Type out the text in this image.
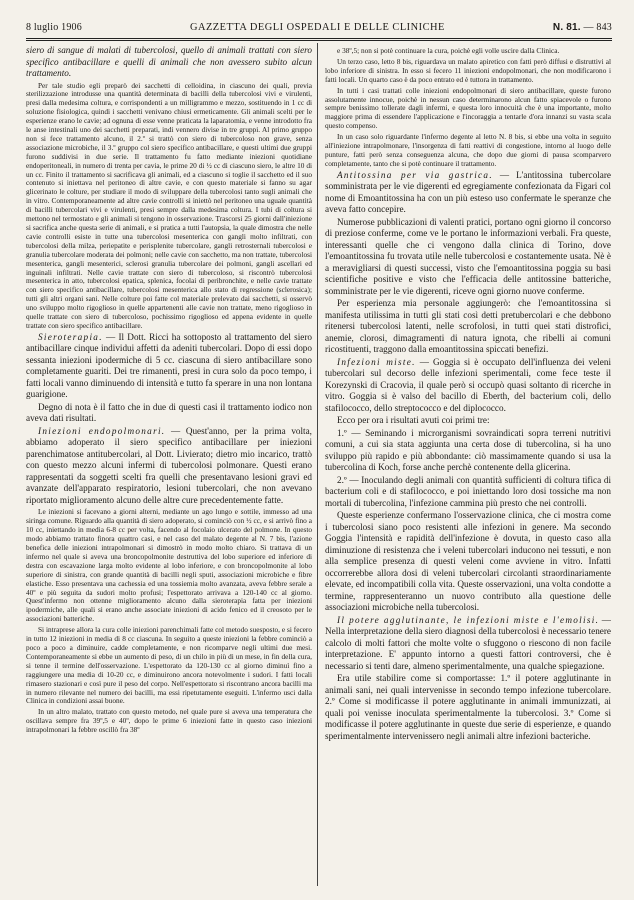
8 luglio 1906	GAZZETTA DEGLI OSPEDALI E DELLE CLINICHE	N. 81. — 843

siero di sangue di malati di tubercolosi, quello di animali trattati con siero specifico antibacillare e quelli di animali che non avessero subito alcun trattamento.

Per tale studio egli preparò dei sacchetti di celloidina, in ciascuno dei quali, previa sterilizzazione introdusse una quantità determinata di bacilli della tubercolosi vivi e virulenti, presi dalla medesima coltura, e corrispondenti a un milligrammo e mezzo, sostituendo in 1 cc di soluzione fisiologica, quindi i sacchetti venivano chiusi ermeticamente. Gli animali scelti per le esperienze erano le cavie; ad ognuna di esse venne praticata la laparatomia, e venne introdotto fra le anse intestinali uno dei sacchetti preparati, indi vennero divise in tre gruppi. Al primo gruppo non si fece trattamento alcuno, il 2.º si trattò con siero di tubercoloso non grave, senza associazione microbiche, il 3.º gruppo col siero specifico antibacillare, e questi ultimi due gruppi furono suddivisi in due serie. Il trattamento fu fatto mediante iniezioni quotidiane endoperitoneali, in numero di trenta per cavia, le prime 20 di ½ cc di ciascuno siero, le altre 10 di un cc. Finito il trattamento si sacrificava gli animali, ed a ciascuno si toglie il sacchetto ed il suo contenuto si iniettava nel peritoneo di altre cavie, e con questo materiale si fanno su agar glicerinato le colture, per studiare il modo di sviluppare della tubercolosi tanto sugli animali che in vitro. Contemporaneamente ad altre cavie controlli si iniettò nel peritoneo una uguale quantità di bacilli tubercolari vivi e virulenti, presi sempre dalla medesima coltura. I tubi di coltura si mettono nel termostato e gli animali si tengono in osservazione. Trascorsi 25 giorni dall'iniezione si sacrifica anche questa serie di animali, e si pratica a tutti l'autopsia, la quale dimostra che nelle cavie controlli esiste in tutte una tubercolosi mesenterica con gangli molto infiltrati, con tubercolosi della milza, periepatite e perisplenite tubercolare, gangli retrosternali tubercolosi e granulia tubercolare moderata dei polmoni; nelle cavie con sacchetto, ma non trattate, tubercolosi mesenterica, gangli mesenterici, sclerosi granulia tubercolare dei polmoni, gangli ascellari ed inguinali infiltrati. Nelle cavie trattate con siero di tubercoloso, si riscontrò tubercolosi mesenterica in atto, tubercolosi epatica, splenica, focolai di peribronchite, e nelle cavie trattate con siero specifico antibacillare, tubercolosi mesenterica allo stato di regressione (sclerosica); tutti gli altri organi sani. Nelle colture poi fatte col materiale prelevato dai sacchetti, si osservò uno sviluppo molto rigoglioso in quelle appartenenti alle cavie non trattate, meno rigoglioso in quelle trattate con siero di tubercoloso, pochissimo rigoglioso ed appena evidente in quelle trattate con siero specifico antibacillare.

Sieroterapia. — Il Dott. Ricci ha sottoposto al trattamento del siero antibacillare cinque individui affetti da adeniti tubercolari. Dopo di essi dopo sessanta iniezioni ipodermiche di 5 cc. ciascuna di siero antibacillare sono completamente guariti. Dei tre rimanenti, presi in cura solo da poco tempo, i fatti locali vanno diminuendo di intensità e tutto fa sperare in una non lontana guarigione.

Degno di nota è il fatto che in due di questi casi il trattamento iodico non aveva dati risultati.

Iniezioni endopolmonari. — Quest'anno, per la prima volta, abbiamo adoperato il siero specifico antibacillare per iniezioni parenchimatose antitubercolari, al Dott. Livierato; dietro mio incarico, trattò con questo mezzo alcuni infermi di tubercolosi polmonare. Questi erano rappresentati da soggetti scelti fra quelli che presentavano lesioni gravi ed avanzate dell'apparato respiratorio, lesioni tubercolari, che non avevano riportato miglioramento alcuno delle altre cure precedentemente fatte.

Le iniezioni si facevano a giorni alterni, mediante un ago lungo e sottile, immesso ad una siringa comune. Riguardo alla quantità di siero adoperato, si cominciò con ½ cc, e si arrivò fino a 10 cc, iniettando in media 6-8 cc per volta, facendo al focolaio ulcerato del polmone. In questo modo abbiamo trattato finora quattro casi, e nel caso del malato degente al N. 7 bis, l'azione benefica delle iniezioni intrapolmonari si dimostrò in modo molto chiaro. Si trattava di un infermo nel quale si aveva una broncopolmonite destruttiva del lobo superiore ed inferiore di destra con escavazione larga molto evidente al lobo inferiore, e con broncopolmonite al lobo superiore di sinistra, con grande quantità di bacilli negli sputi, associazioni microbiche e fibre elastiche. Esso presentava una cachessia ed una tossiemia molto avanzata, aveva febbre serale a 40º e più seguita da sudori molto profusi; l'espettorato arrivava a 120-140 cc al giorno. Quest'infermo non ottenne miglioramento alcuno dalla sieroterapia fatta per iniezioni ipodermiche, alle quali si erano anche associate iniezioni di acido fenico ed il creosoto per le associazioni batteriche.

Si intraprese allora la cura colle iniezioni parenchimali fatte col metodo suesposto, e si fecero in tutto 12 iniezioni in media di 8 cc ciascuna. In seguito a queste iniezioni la febbre cominciò a poco a poco a diminuire, cadde completamente, e non ricomparve negli ultimi due mesi. Contemporaneamente si ebbe un aumento di peso, di un chilo in più di un mese, in fin della cura, si tenne il termine dell'osservazione. L'espettorato da 120-130 cc al giorno diminuì fino a raggiungere una media di 10-20 cc, e diminuirono ancora notevolmente i sudori. I fatti locali rimasero stazionari e così pure il peso del corpo. Nell'espettorato si riscontrano ancora bacilli ma in numero rilevante nel numero dei bacilli, ma essi ripetutamente eseguiti. L'infermo usci dalla Clinica in condizioni assai buone.

In un altro malato, trattato con questo metodo, nel quale pure si aveva una temperatura che oscillava sempre fra 39º,5 e 40º, dopo le prime 6 iniezioni fatte in questo caso iniezioni intrapolmonari la febbre oscillò fra 38º

e 38º,5; non si potè continuare la cura, poichè egli volle uscire dalla Clinica.

Un terzo caso, letto 8 bis, riguardava un malato apiretico con fatti però diffusi e distruttivi al lobo inferiore di sinistra. In esso si fecero 11 iniezioni endopolmonari, che non modificarono i fatti locali. Un quarto caso è da poco entrato ed è tuttora in trattamento.

In tutti i casi trattati colle iniezioni endopolmonari di siero antibacillare, queste furono assolutamente innocue, poichè in nessun caso determinarono alcun fatto spiacevole o furono sempre benissimo tollerate dagli infermi, e questa loro innocuità che è una importante, molto maggiore prima di essendere l'applicazione e l'incoraggia a tentarle d'ora innanzi su vasta scala questo compenso.

In un caso solo riguardante l'infermo degente al letto N. 8 bis, si ebbe una volta in seguito all'iniezione intrapolmonare, l'insorgenza di fatti reattivi di congestione, intorno al luogo delle punture, fatti però senza conseguenza alcuna, che dopo due giorni di pausa scomparvero completamente, tanto che si potè continuare il trattamento.

Antitossina per via gastrica. — L'antitossina tubercolare somministrata per le vie digerenti ed egregiamente confezionata da Figari col nome di Emoantitossina ha con un più esteso uso confermate le speranze che aveva fatto concepire.

Numerose pubblicazioni di valenti pratici, portano ogni giorno il concorso di preziose conferme, come ve le portano le informazioni verbali. Fra queste, interessanti quelle che ci vengono dalla clinica di Torino, dove l'emoantitossina fu trovata utile nelle tubercolosi e costantemente usata. Nè è a meravigliarsi di questi successi, visto che l'emoantitossina poggia su basi scientifiche positive e visto che l'efficacia delle antitossine batteriche, somministrate per le vie digerenti, riceve ogni giorno nuove conferme.

Per esperienza mia personale aggiungerò: che l'emoantitossina si manifesta utilissima in tutti gli stati così detti pretubercolari e che debbono ritenersi tubercolosi latenti, nelle scrofolosi, in tutti quei stati distrofici, anemie, clorosi, dimagramenti di natura ignota, che ribelli ai comuni ricostituenti, traggono dalla emoantitossina spiccati benefizi.

Infezioni miste. — Goggia si è occupato dell'influenza dei veleni tubercolari sul decorso delle infezioni sperimentali, come fece teste il Korezynski di Cracovia, il quale però si occupò quasi soltanto di ricerche in vitro. Goggia si è valso del bacillo di Eberth, del bacterium coli, dello stafilococco, dello streptococco e del diplococco.

Ecco per ora i risultati avuti coi primi tre:

1.º — Seminando i microrganismi sovraindicati sopra terreni nutritivi comuni, a cui sia stata aggiunta una certa dose di tubercolina, si ha uno sviluppo più rapido e più abbondante: ciò massimamente quando si usa la tubercolina di Koch, forse anche perchè contenente della glicerina.

2.º — Inoculando degli animali con quantità sufficienti di coltura tifica di bacterium coli e di stafilococco, e poi iniettando loro dosi tossiche ma non mortali di tubercolina, l'infezione cammina più presto che nei controlli.

Queste esperienze confermano l'osservazione clinica, che ci mostra come i tubercolosi siano poco resistenti alle infezioni in genere. Ma secondo Goggia l'intensità e rapidità dell'infezione è dovuta, in questo caso alla diminuzione di resistenza che i veleni tubercolari inducono nei tessuti, e non alla semplice presenza di questi veleni come avviene in vitro. Infatti occorrerebbe allora dosi di veleni tubercolari circolanti straordinariamente elevate, ed incompatibili colla vita. Queste osservazioni, una volta condotte a termine, rappresenteranno un nuovo contributo alla questione delle associazioni microbiche nella tubercolosi.

Il potere agglutinante, le infezioni miste e l'emolisi. — Nella interpretazione della siero diagnosi della tubercolosi è necessario tenere calcolo di molti fattori che molte volte o sfuggono o riescono di non facile interpretazione. E' appunto intorno a questi fattori controversi, che è necessario si tenti dare, almeno sperimentalmente, una qualche spiegazione.

Era utile stabilire come si comportasse: 1.º il potere agglutinante in animali sani, nei quali intervenisse in secondo tempo infezione tubercolare. 2.º Come si modificasse il potere agglutinante in animali immunizzati, ai quali poi venisse inoculata sperimentalmente la tubercolosi. 3.º Come si modificasse il potere agglutinante in queste due serie di esperienze, e quando sperimentalmente intervenissero negli animali altre infezioni bacteriche.
